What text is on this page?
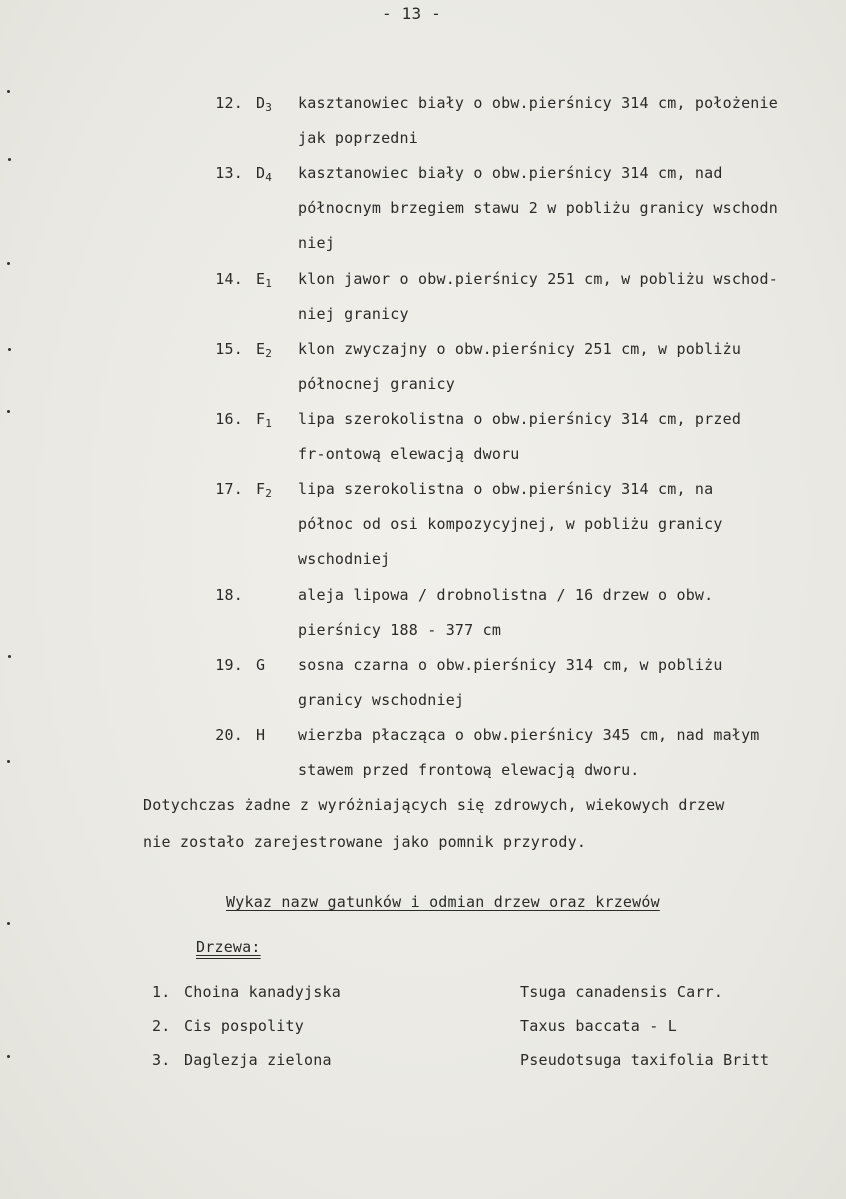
- 13 -
12. $D_3$ kasztanowiec biały o obw.pierśnicy 314 cm, położenie
jak poprzedni
13. $D_4$ kasztanowiec biały o obw.pierśnicy 314 cm, nad
północnym brzegiem stawu 2 w pobliżu granicy wschodn
niej
14. $E_1$ klon jawor o obw.pierśnicy 251 cm, w pobliżu wschod-
niej granicy
15. $E_2$ klon zwyczajny o obw.pierśnicy 251 cm, w pobliżu
północnej granicy
16. $F_1$ lipa szerokolistna o obw.pierśnicy 314 cm, przed
fr-ontową elewacją dworu
17. $F_2$ lipa szerokolistna o obw.pierśnicy 314 cm, na
północ od osi kompozycyjnej, w pobliżu granicy
wschodniej
18.	aleja lipowa / drobnolistna / 16 drzew o obw.
pierśnicy 188 - 377 cm
19. G sosna czarna o obw.pierśnicy 314 cm, w pobliżu
granicy wschodniej
20. H wierzba płacząca o obw.pierśnicy 345 cm, nad małym
stawem przed frontową elewacją dworu.
Dotychczas żadne z wyróżniających się zdrowych, wiekowych drzew
nie zostało zarejestrowane jako pomnik przyrody.
Wykaz nazw gatunków i odmian drzew oraz krzewów
Drzewa:
1. Choina kanadyjska	Tsuga canadensis Carr.
2. Cis pospolity	Taxus baccata - L
3. Daglezja zielona	Pseudotsuga taxifolia Britt
